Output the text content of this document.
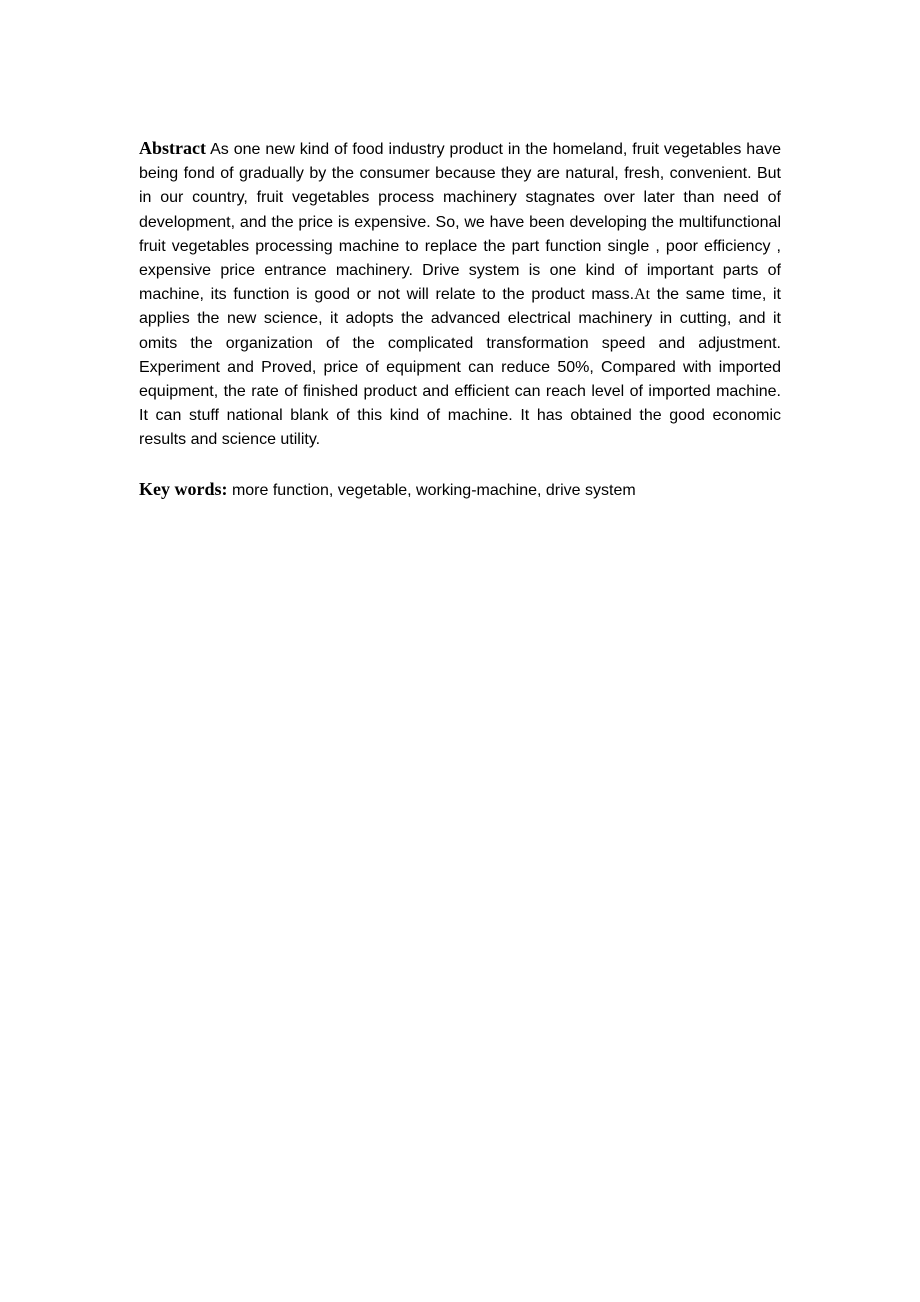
Abstract As one new kind of food industry product in the homeland, fruit vegetables have being fond of gradually by the consumer because they are natural, fresh, convenient. But in our country, fruit vegetables process machinery stagnates over later than need of development, and the price is expensive. So, we have been developing the multifunctional fruit vegetables processing machine to replace the part function single , poor efficiency , expensive price entrance machinery. Drive system is one kind of important parts of machine, its function is good or not will relate to the product mass.At the same time, it applies the new science, it adopts the advanced electrical machinery in cutting, and it omits the organization of the complicated transformation speed and adjustment. Experiment and Proved, price of equipment can reduce 50%, Compared with imported equipment, the rate of finished product and efficient can reach level of imported machine. It can stuff national blank of this kind of machine. It has obtained the good economic results and science utility.

Key words: more function, vegetable, working-machine, drive system
